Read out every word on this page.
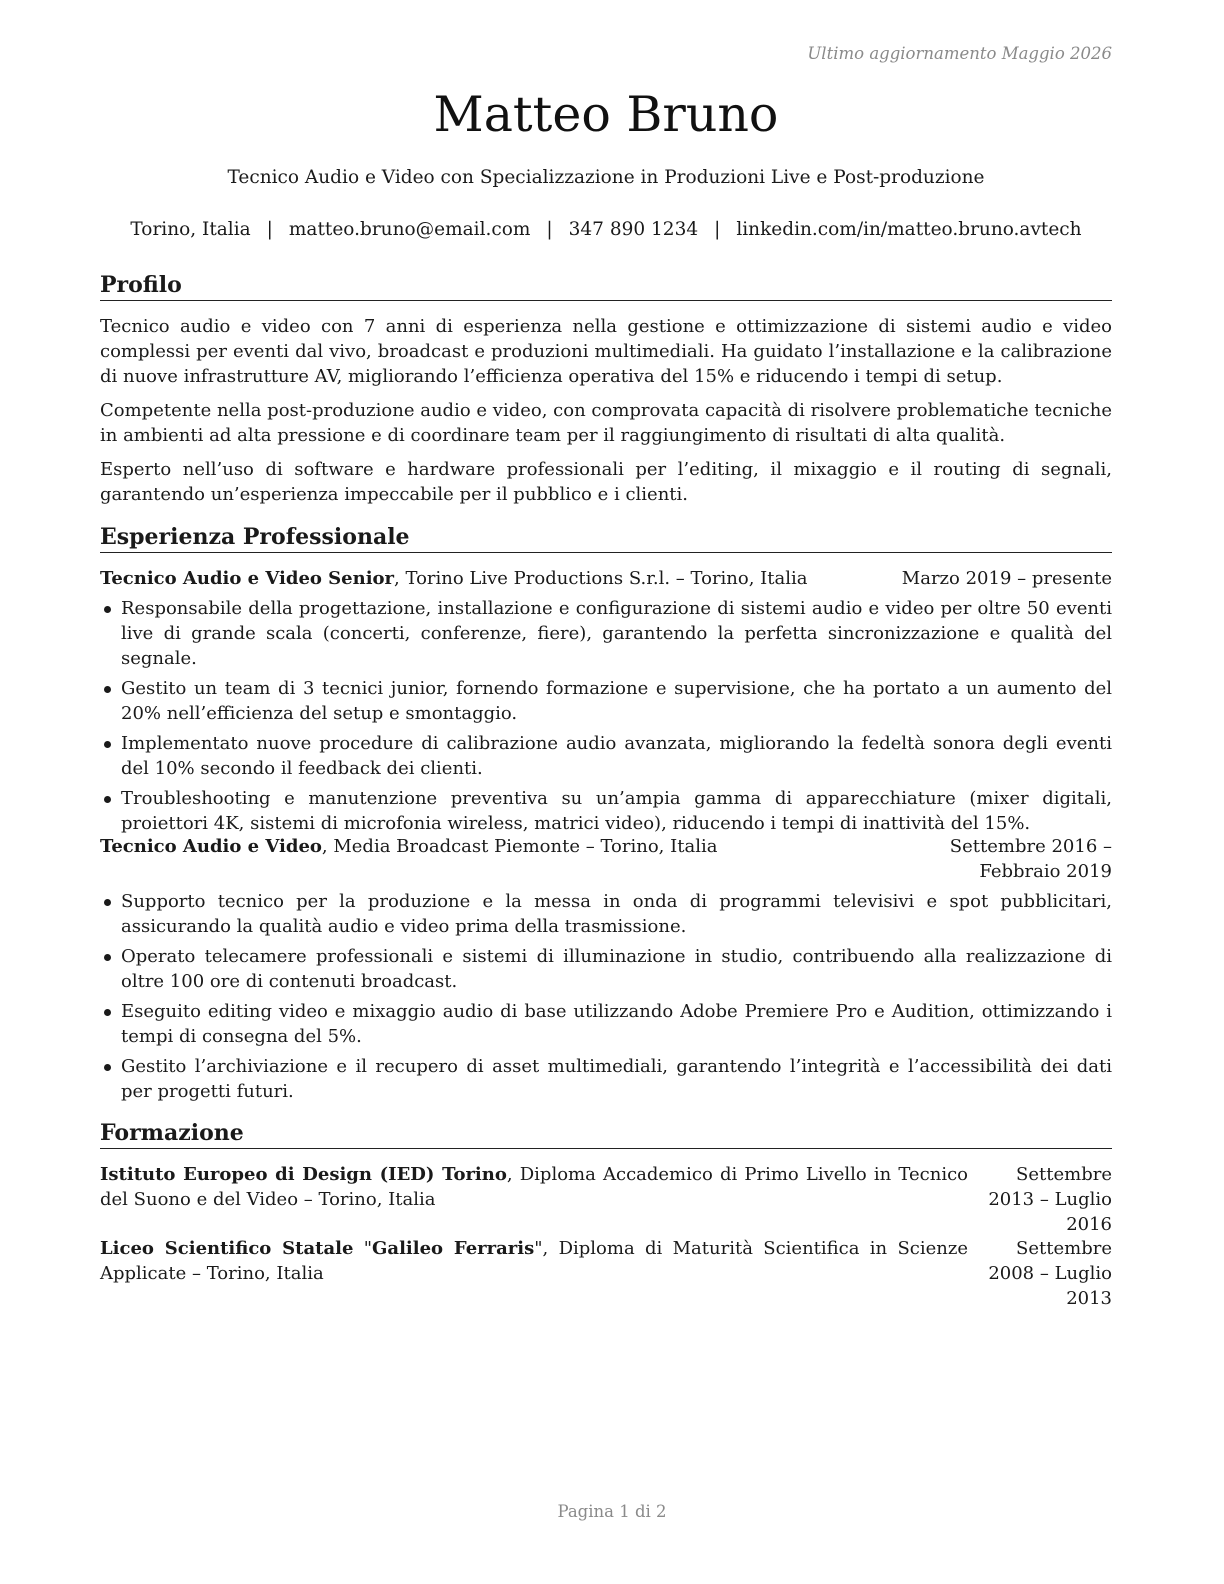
Ultimo aggiornamento Maggio 2026
Matteo Bruno
Tecnico Audio e Video con Specializzazione in Produzioni Live e Post-produzione
Torino, Italia | matteo.bruno@email.com | 347 890 1234 | linkedin.com/in/matteo.bruno.avtech
Profilo
Tecnico audio e video con 7 anni di esperienza nella gestione e ottimizzazione di sistemi audio e video complessi per eventi dal vivo, broadcast e produzioni multimediali. Ha guidato l’installazione e la calibrazione di nuove infrastrutture AV, migliorando l’efficienza operativa del 15% e riducendo i tempi di setup.
Competente nella post-produzione audio e video, con comprovata capacità di risolvere problematiche tecniche in ambienti ad alta pressione e di coordinare team per il raggiungimento di risultati di alta qualità.
Esperto nell’uso di software e hardware professionali per l’editing, il mixaggio e il routing di segnali, garantendo un’esperienza impeccabile per il pubblico e i clienti.
Esperienza Professionale
Tecnico Audio e Video Senior, Torino Live Productions S.r.l. – Torino, Italia	Marzo 2019 – presente
Responsabile della progettazione, installazione e configurazione di sistemi audio e video per oltre 50 eventi live di grande scala (concerti, conferenze, fiere), garantendo la perfetta sincronizzazione e qualità del segnale.
Gestito un team di 3 tecnici junior, fornendo formazione e supervisione, che ha portato a un aumento del 20% nell’efficienza del setup e smontaggio.
Implementato nuove procedure di calibrazione audio avanzata, migliorando la fedeltà sonora degli eventi del 10% secondo il feedback dei clienti.
Troubleshooting e manutenzione preventiva su un’ampia gamma di apparecchiature (mixer digitali, proiettori 4K, sistemi di microfonia wireless, matrici video), riducendo i tempi di inattività del 15%.
Tecnico Audio e Video, Media Broadcast Piemonte – Torino, Italia	Settembre 2016 – Febbraio 2019
Supporto tecnico per la produzione e la messa in onda di programmi televisivi e spot pubblicitari, assicurando la qualità audio e video prima della trasmissione.
Operato telecamere professionali e sistemi di illuminazione in studio, contribuendo alla realizzazione di oltre 100 ore di contenuti broadcast.
Eseguito editing video e mixaggio audio di base utilizzando Adobe Premiere Pro e Audition, ottimizzando i tempi di consegna del 5%.
Gestito l’archiviazione e il recupero di asset multimediali, garantendo l’integrità e l’accessibilità dei dati per progetti futuri.
Formazione
Istituto Europeo di Design (IED) Torino, Diploma Accademico di Primo Livello in Tecnico del Suono e del Video – Torino, Italia
Settembre 2013 – Luglio 2016
Liceo Scientifico Statale "Galileo Ferraris", Diploma di Maturità Scientifica in Scienze Applicate – Torino, Italia
Settembre 2008 – Luglio 2013
Pagina 1 di 2
